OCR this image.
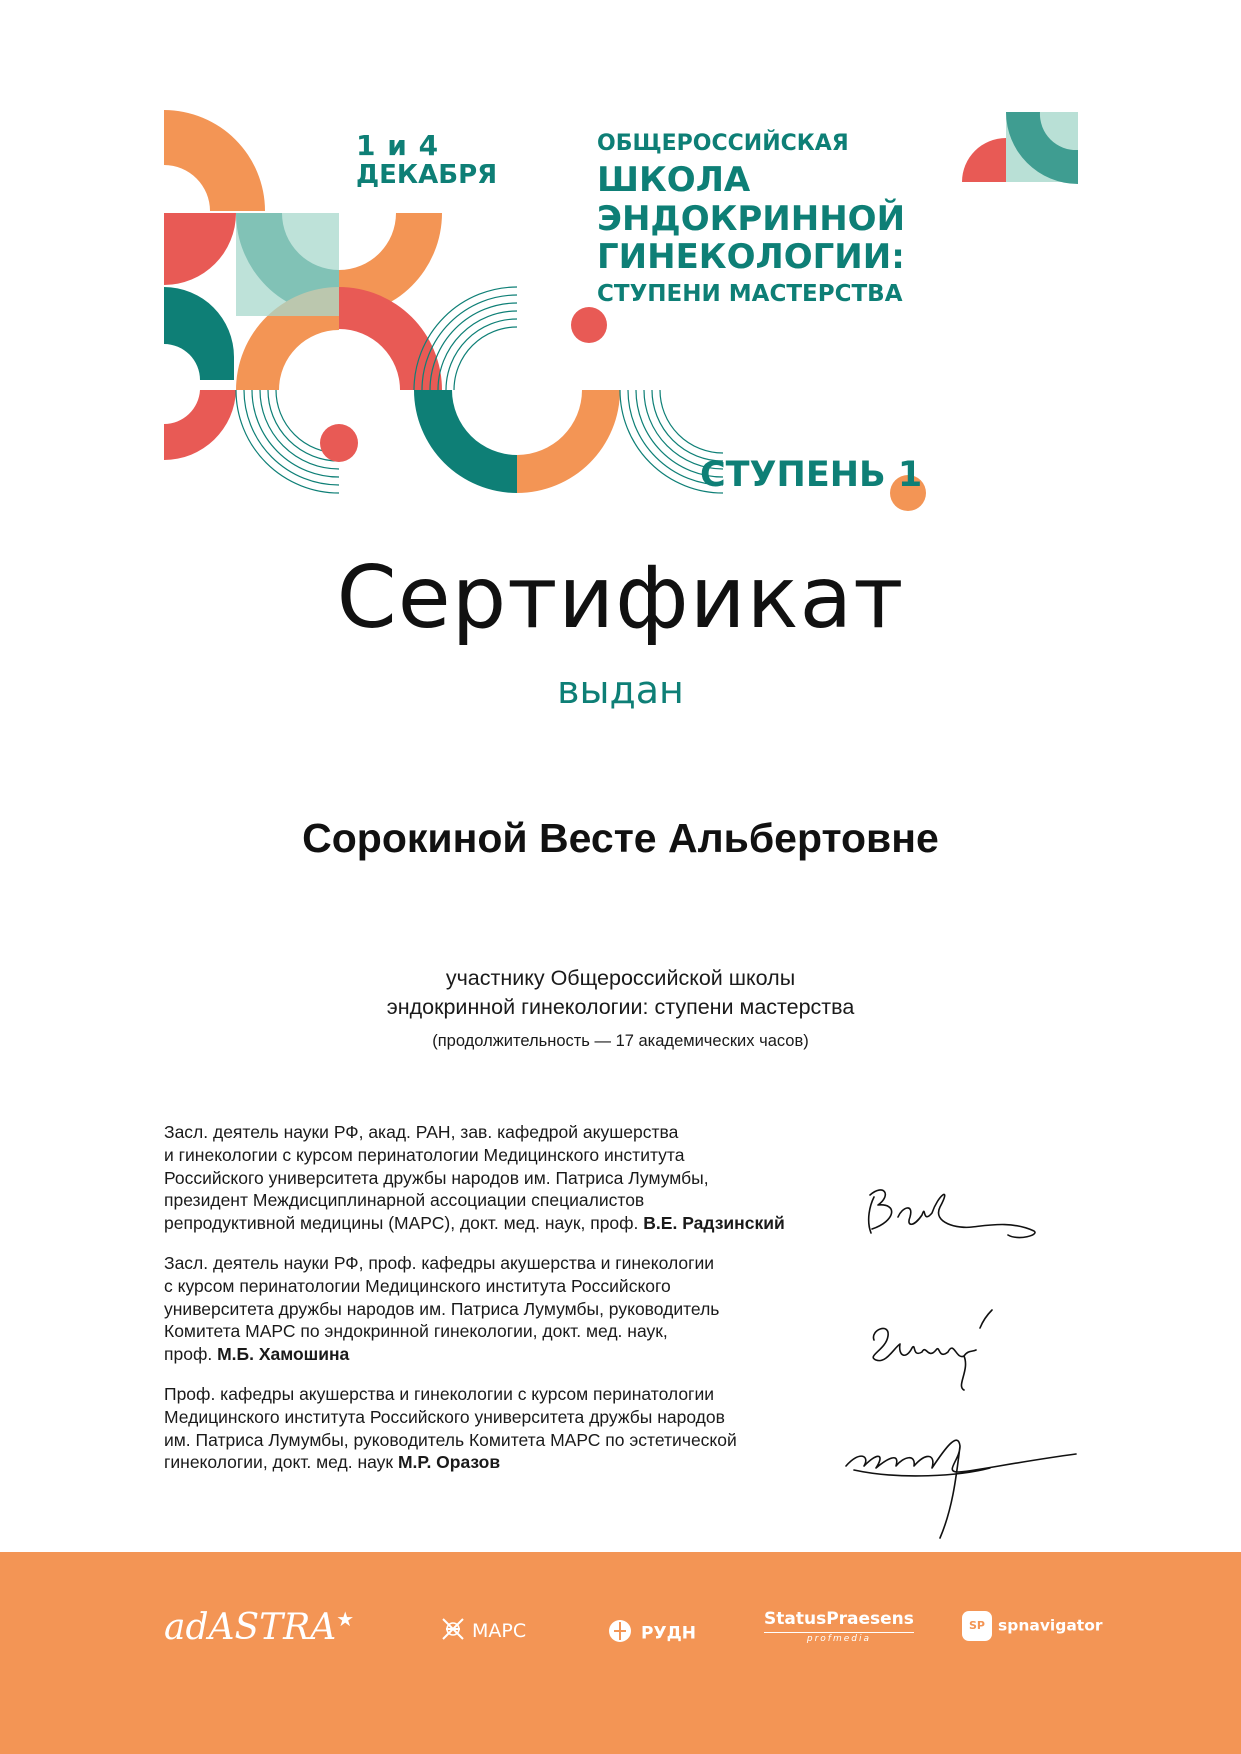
1 и 4
ДЕКАБРЯ
ОБЩЕРОССИЙСКАЯ
ШКОЛА
ЭНДОКРИННОЙ
ГИНЕКОЛОГИИ:
СТУПЕНИ МАСТЕРСТВА
СТУПЕНЬ 1
Сертификат
выдан
Сорокиной Весте Альбертовне
участнику Общероссийской школы
эндокринной гинекологии: ступени мастерства
(продолжительность — 17 академических часов)
Засл. деятель науки РФ, акад. РАН, зав. кафедрой акушерства
и гинекологии с курсом перинатологии Медицинского института
Российского университета дружбы народов им. Патриса Лумумбы,
президент Междисциплинарной ассоциации специалистов
репродуктивной медицины (МАРС), докт. мед. наук, проф. В.Е. Радзинский
Засл. деятель науки РФ, проф. кафедры акушерства и гинекологии
с курсом перинатологии Медицинского института Российского
университета дружбы народов им. Патриса Лумумбы, руководитель
Комитета МАРС по эндокринной гинекологии, докт. мед. наук,
проф. М.Б. Хамошина
Проф. кафедры акушерства и гинекологии с курсом перинатологии
Медицинского института Российского университета дружбы народов
им. Патриса Лумумбы, руководитель Комитета МАРС по эстетической
гинекологии, докт. мед. наук М.Р. Оразов
adASTRA★	МАРС	РУДН
StatusPraesens
profmedia
SP spnavigator
